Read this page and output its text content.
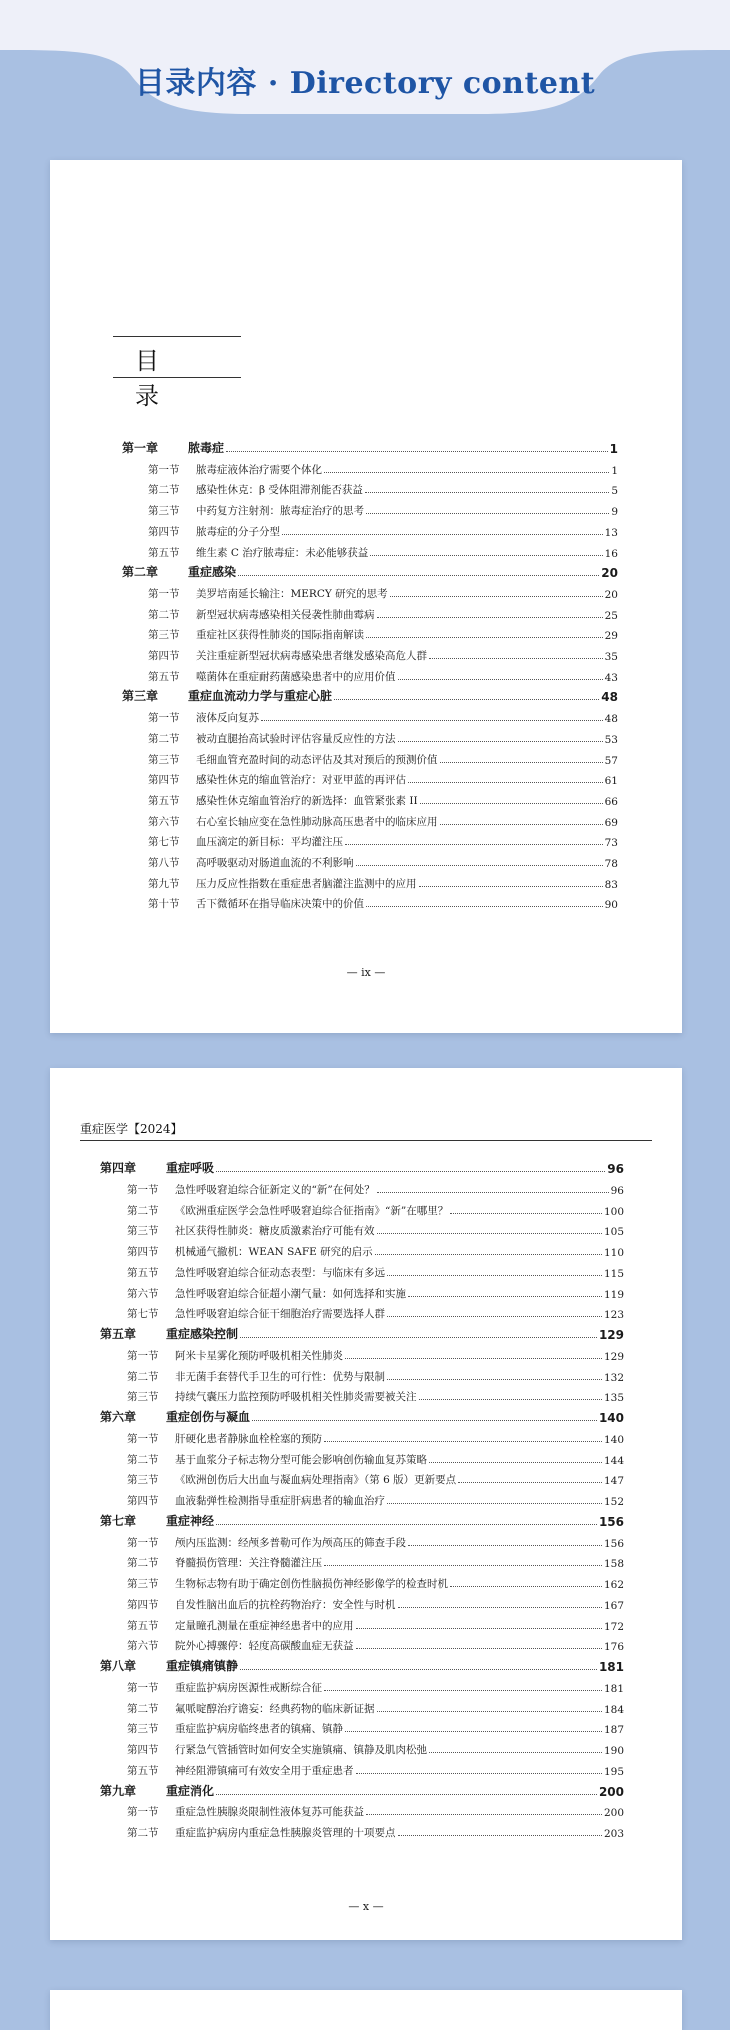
目录内容 · Directory content
目　录
第一章 脓毒症	1
第一节 脓毒症液体治疗需要个体化	1
第二节 感染性休克：β 受体阻滞剂能否获益	5
第三节 中药复方注射剂：脓毒症治疗的思考	9
第四节 脓毒症的分子分型	13
第五节 维生素 C 治疗脓毒症：未必能够获益	16
第二章 重症感染	20
第一节 美罗培南延长输注：MERCY 研究的思考	20
第二节 新型冠状病毒感染相关侵袭性肺曲霉病	25
第三节 重症社区获得性肺炎的国际指南解读	29
第四节 关注重症新型冠状病毒感染患者继发感染高危人群	35
第五节 噬菌体在重症耐药菌感染患者中的应用价值	43
第三章 重症血流动力学与重症心脏	48
第一节 液体反向复苏	48
第二节 被动直腿抬高试验时评估容量反应性的方法	53
第三节 毛细血管充盈时间的动态评估及其对预后的预测价值	57
第四节 感染性休克的缩血管治疗：对亚甲蓝的再评估	61
第五节 感染性休克缩血管治疗的新选择：血管紧张素 II	66
第六节 右心室长轴应变在急性肺动脉高压患者中的临床应用	69
第七节 血压滴定的新目标：平均灌注压	73
第八节 高呼吸驱动对肠道血流的不利影响	78
第九节 压力反应性指数在重症患者脑灌注监测中的应用	83
第十节 舌下微循环在指导临床决策中的价值	90
— ix —
重症医学【2024】
第四章 重症呼吸	96
第一节 急性呼吸窘迫综合征新定义的“新”在何处？	96
第二节 《欧洲重症医学会急性呼吸窘迫综合征指南》“新”在哪里？	100
第三节 社区获得性肺炎：糖皮质激素治疗可能有效	105
第四节 机械通气撤机：WEAN SAFE 研究的启示	110
第五节 急性呼吸窘迫综合征动态表型：与临床有多远	115
第六节 急性呼吸窘迫综合征超小潮气量：如何选择和实施	119
第七节 急性呼吸窘迫综合征干细胞治疗需要选择人群	123
第五章 重症感染控制	129
第一节 阿米卡星雾化预防呼吸机相关性肺炎	129
第二节 非无菌手套替代手卫生的可行性：优势与限制	132
第三节 持续气囊压力监控预防呼吸机相关性肺炎需要被关注	135
第六章 重症创伤与凝血	140
第一节 肝硬化患者静脉血栓栓塞的预防	140
第二节 基于血浆分子标志物分型可能会影响创伤输血复苏策略	144
第三节 《欧洲创伤后大出血与凝血病处理指南》（第 6 版）更新要点	147
第四节 血液黏弹性检测指导重症肝病患者的输血治疗	152
第七章 重症神经	156
第一节 颅内压监测：经颅多普勒可作为颅高压的筛查手段	156
第二节 脊髓损伤管理：关注脊髓灌注压	158
第三节 生物标志物有助于确定创伤性脑损伤神经影像学的检查时机	162
第四节 自发性脑出血后的抗栓药物治疗：安全性与时机	167
第五节 定量瞳孔测量在重症神经患者中的应用	172
第六节 院外心搏骤停：轻度高碳酸血症无获益	176
第八章 重症镇痛镇静	181
第一节 重症监护病房医源性戒断综合征	181
第二节 氟哌啶醇治疗谵妄：经典药物的临床新证据	184
第三节 重症监护病房临终患者的镇痛、镇静	187
第四节 行紧急气管插管时如何安全实施镇痛、镇静及肌肉松弛	190
第五节 神经阻滞镇痛可有效安全用于重症患者	195
第九章 重症消化	200
第一节 重症急性胰腺炎限制性液体复苏可能获益	200
第二节 重症监护病房内重症急性胰腺炎管理的十项要点	203
— x —
